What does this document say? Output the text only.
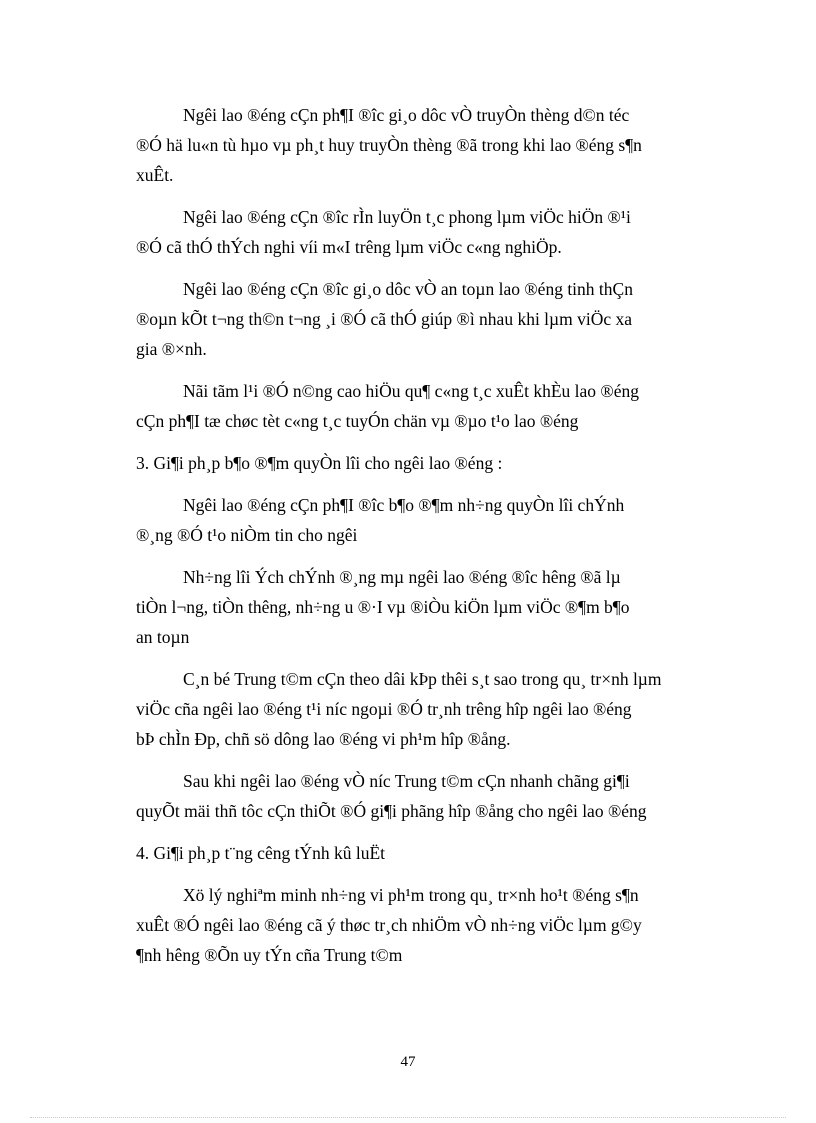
Ngêi lao ®éng cÇn ph¶I ®îc gi¸o dôc vÒ truyÒn thèng d©n téc
®Ó hä lu«n tù hµo vµ ph¸t huy truyÒn thèng ®ã trong khi lao ®éng s¶n
xuÊt.

Ngêi lao ®éng cÇn ®îc rÌn luyÖn t¸c phong lµm viÖc hiÖn ®¹i
®Ó cã thÓ thÝch nghi víi m«I trêng lµm viÖc c«ng nghiÖp.

Ngêi lao ®éng cÇn ®îc gi¸o dôc vÒ an toµn lao ®éng tinh thÇn
®oµn kÕt t¬ng th©n t¬ng ¸i ®Ó cã thÓ giúp ®ì nhau khi lµm viÖc xa
gia ®×nh.

Nãi tãm l¹i ®Ó n©ng cao hiÖu qu¶ c«ng t¸c xuÊt khÈu lao ®éng
cÇn ph¶I tæ chøc tèt c«ng t¸c tuyÓn chän vµ ®µo t¹o lao ®éng

3. Gi¶i ph¸p b¶o ®¶m quyÒn lîi cho ngêi lao ®éng :

Ngêi lao ®éng cÇn ph¶I ®îc b¶o ®¶m nh÷ng quyÒn lîi chÝnh
®¸ng ®Ó t¹o niÒm tin cho ngêi

Nh÷ng lîi Ých chÝnh ®¸ng mµ ngêi lao ®éng ®îc hêng ®ã lµ
tiÒn l¬ng, tiÒn thêng, nh÷ng u ®·I vµ ®iÒu kiÖn lµm viÖc ®¶m b¶o
an toµn

C¸n bé Trung t©m cÇn theo dâi kÞp thêi s¸t sao trong qu¸ tr×nh lµm
viÖc cña ngêi lao ®éng t¹i níc ngoµi ®Ó tr¸nh trêng hîp ngêi lao ®éng
bÞ chÌn Ðp, chñ sö dông lao ®éng vi ph¹m hîp ®ång.

Sau khi ngêi lao ®éng vÒ níc Trung t©m cÇn nhanh chãng gi¶i
quyÕt mäi thñ tôc cÇn thiÕt ®Ó gi¶i phãng hîp ®ång cho ngêi lao ®éng

4. Gi¶i ph¸p t¨ng cêng tÝnh kû luËt

Xö lý nghiªm minh nh÷ng vi ph¹m trong qu¸ tr×nh ho¹t ®éng s¶n
xuÊt ®Ó ngêi lao ®éng cã ý thøc tr¸ch nhiÖm vÒ nh÷ng viÖc lµm g©y
¶nh hêng ®Õn uy tÝn cña Trung t©m

47
